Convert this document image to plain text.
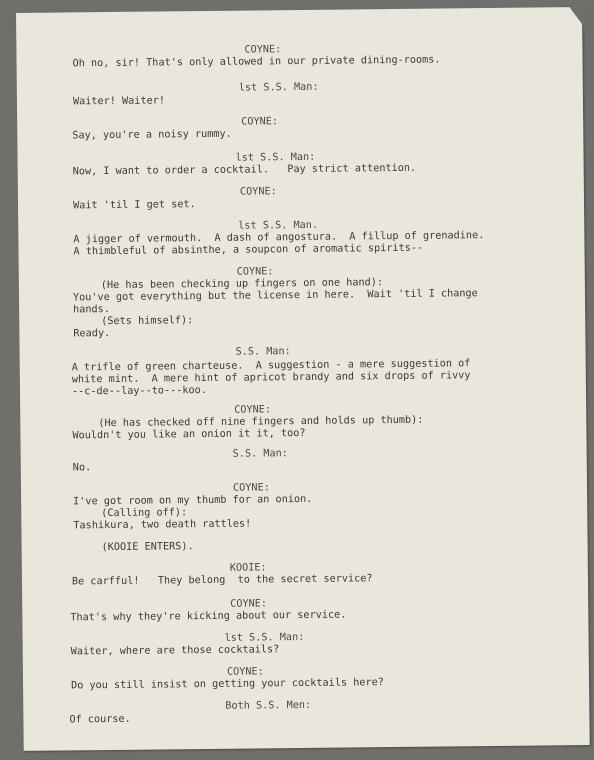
COYNE:

Oh no, sir! That's only allowed in our private dining-rooms.

lst S.S. Man:

Waiter! Waiter!

COYNE:

Say, you're a noisy rummy.

lst S.S. Man:

Now, I want to order a cocktail.   Pay strict attention.

COYNE:

Wait 'til I get set.

lst S.S. Man.

A jigger of vermouth.  A dash of angostura.  A fillup of grenadine.

A thimbleful of absinthe, a soupcon of aromatic spirits--

COYNE:

(He has been checking up fingers on one hand):

You've got everything but the license in here.  Wait 'til I change

hands.

(Sets himself):

Ready.

S.S. Man:

A trifle of green charteuse.  A suggestion - a mere suggestion of

white mint.  A mere hint of apricot brandy and six drops of rivvy

--c-de--lay--to---koo.

COYNE:

(He has checked off nine fingers and holds up thumb):

Wouldn't you like an onion it it, too?

S.S. Man:

No.

COYNE:

I've got room on my thumb for an onion.

(Calling off):

Tashikura, two death rattles!

(KOOIE ENTERS).

KOOIE:

Be carfful!   They belong  to the secret service?

COYNE:

That's why they're kicking about our service.

lst S.S. Man:

Waiter, where are those cocktails?

COYNE:

Do you still insist on getting your cocktails here?

Both S.S. Men:

Of course.
